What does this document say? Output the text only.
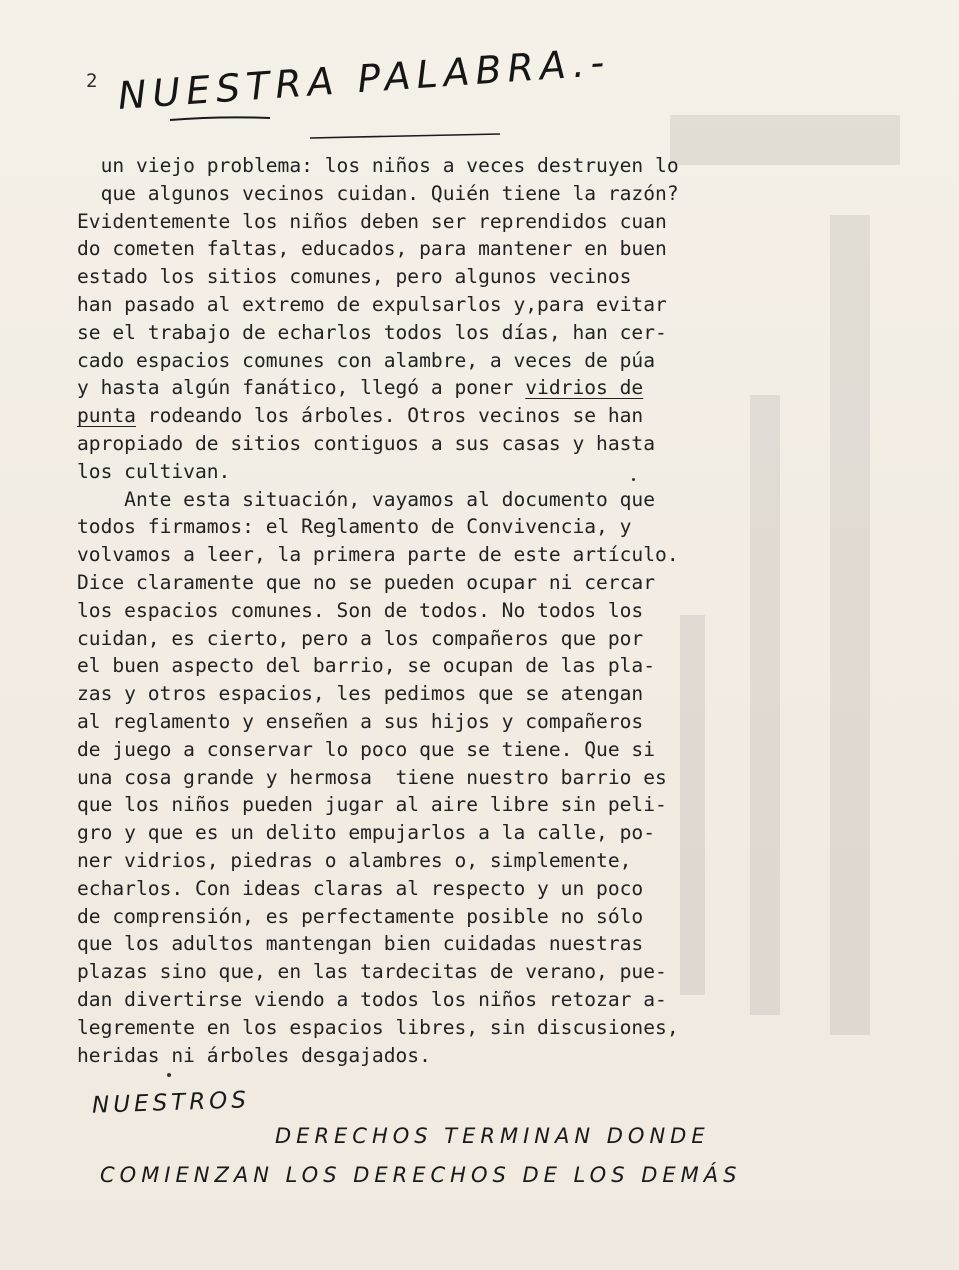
2 NUESTRA PALABRA.-
un viejo problema: los niños a veces destruyen lo
que algunos vecinos cuidan. Quién tiene la razón?
Evidentemente los niños deben ser reprendidos cuan
do cometen faltas, educados, para mantener en buen
estado los sitios comunes, pero algunos vecinos
han pasado al extremo de expulsarlos y,para evitar
se el trabajo de echarlos todos los días, han cer-
cado espacios comunes con alambre, a veces de púa
y hasta algún fanático, llegó a poner vidrios de
punta rodeando los árboles. Otros vecinos se han
apropiado de sitios contiguos a sus casas y hasta
los cultivan.
Ante esta situación, vayamos al documento que
todos firmamos: el Reglamento de Convivencia, y
volvamos a leer, la primera parte de este artículo.
Dice claramente que no se pueden ocupar ni cercar
los espacios comunes. Son de todos. No todos los
cuidan, es cierto, pero a los compañeros que por
el buen aspecto del barrio, se ocupan de las pla-
zas y otros espacios, les pedimos que se atengan
al reglamento y enseñen a sus hijos y compañeros
de juego a conservar lo poco que se tiene. Que si
una cosa grande y hermosa  tiene nuestro barrio es
que los niños pueden jugar al aire libre sin peli-
gro y que es un delito empujarlos a la calle, po-
ner vidrios, piedras o alambres o, simplemente,
echarlos. Con ideas claras al respecto y un poco
de comprensión, es perfectamente posible no sólo
que los adultos mantengan bien cuidadas nuestras
plazas sino que, en las tardecitas de verano, pue-
dan divertirse viendo a todos los niños retozar a-
legremente en los espacios libres, sin discusiones,
heridas ni árboles desgajados.
NUESTROS
DERECHOS TERMINAN DONDE
COMIENZAN LOS DERECHOS DE LOS DEMÁS
